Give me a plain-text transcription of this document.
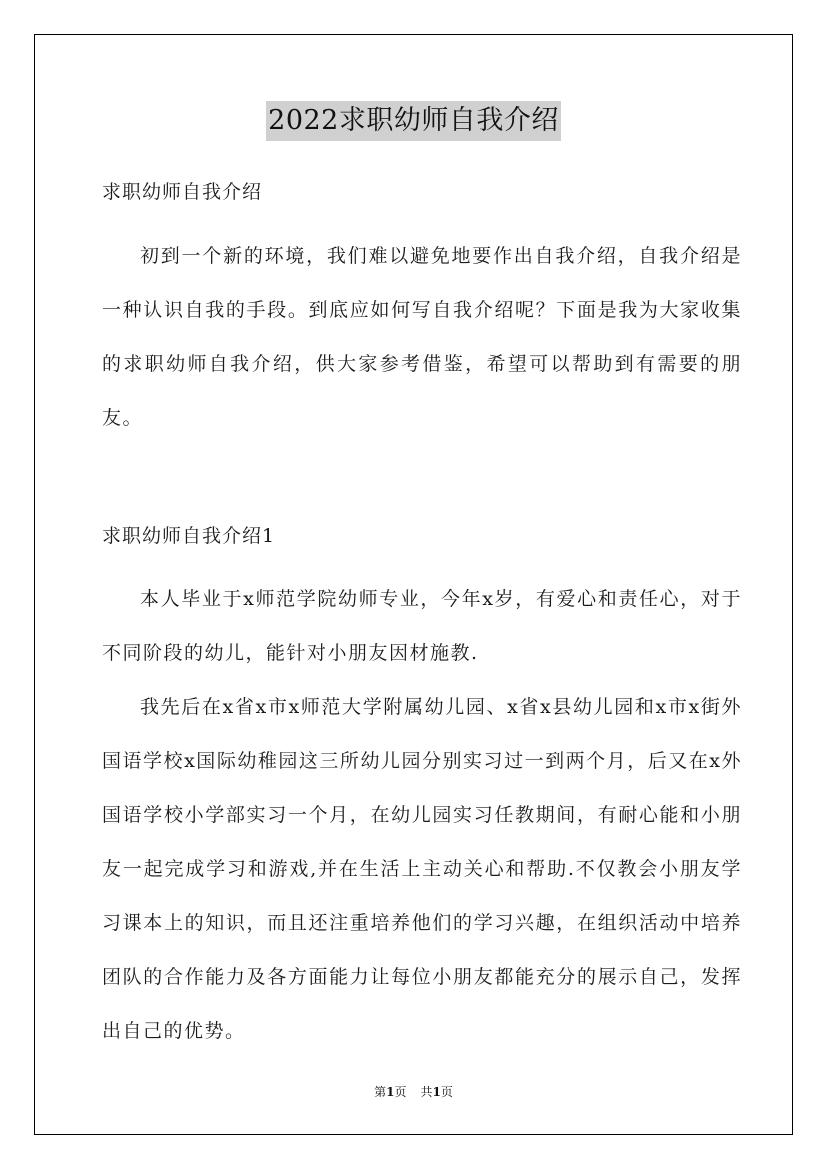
2022求职幼师自我介绍

求职幼师自我介绍

初到一个新的环境，我们难以避免地要作出自我介绍，自我介绍是一种认识自我的手段。到底应如何写自我介绍呢？下面是我为大家收集的求职幼师自我介绍，供大家参考借鉴，希望可以帮助到有需要的朋友。

求职幼师自我介绍1

本人毕业于x师范学院幼师专业，今年x岁，有爱心和责任心，对于不同阶段的幼儿，能针对小朋友因材施教.

我先后在x省x市x师范大学附属幼儿园、x省x县幼儿园和x市x街外国语学校x国际幼稚园这三所幼儿园分别实习过一到两个月，后又在x外国语学校小学部实习一个月，在幼儿园实习任教期间，有耐心能和小朋友一起完成学习和游戏,并在生活上主动关心和帮助.不仅教会小朋友学习课本上的知识，而且还注重培养他们的学习兴趣，在组织活动中培养团队的合作能力及各方面能力让每位小朋友都能充分的展示自己，发挥出自己的优势。

第1页 共1页
